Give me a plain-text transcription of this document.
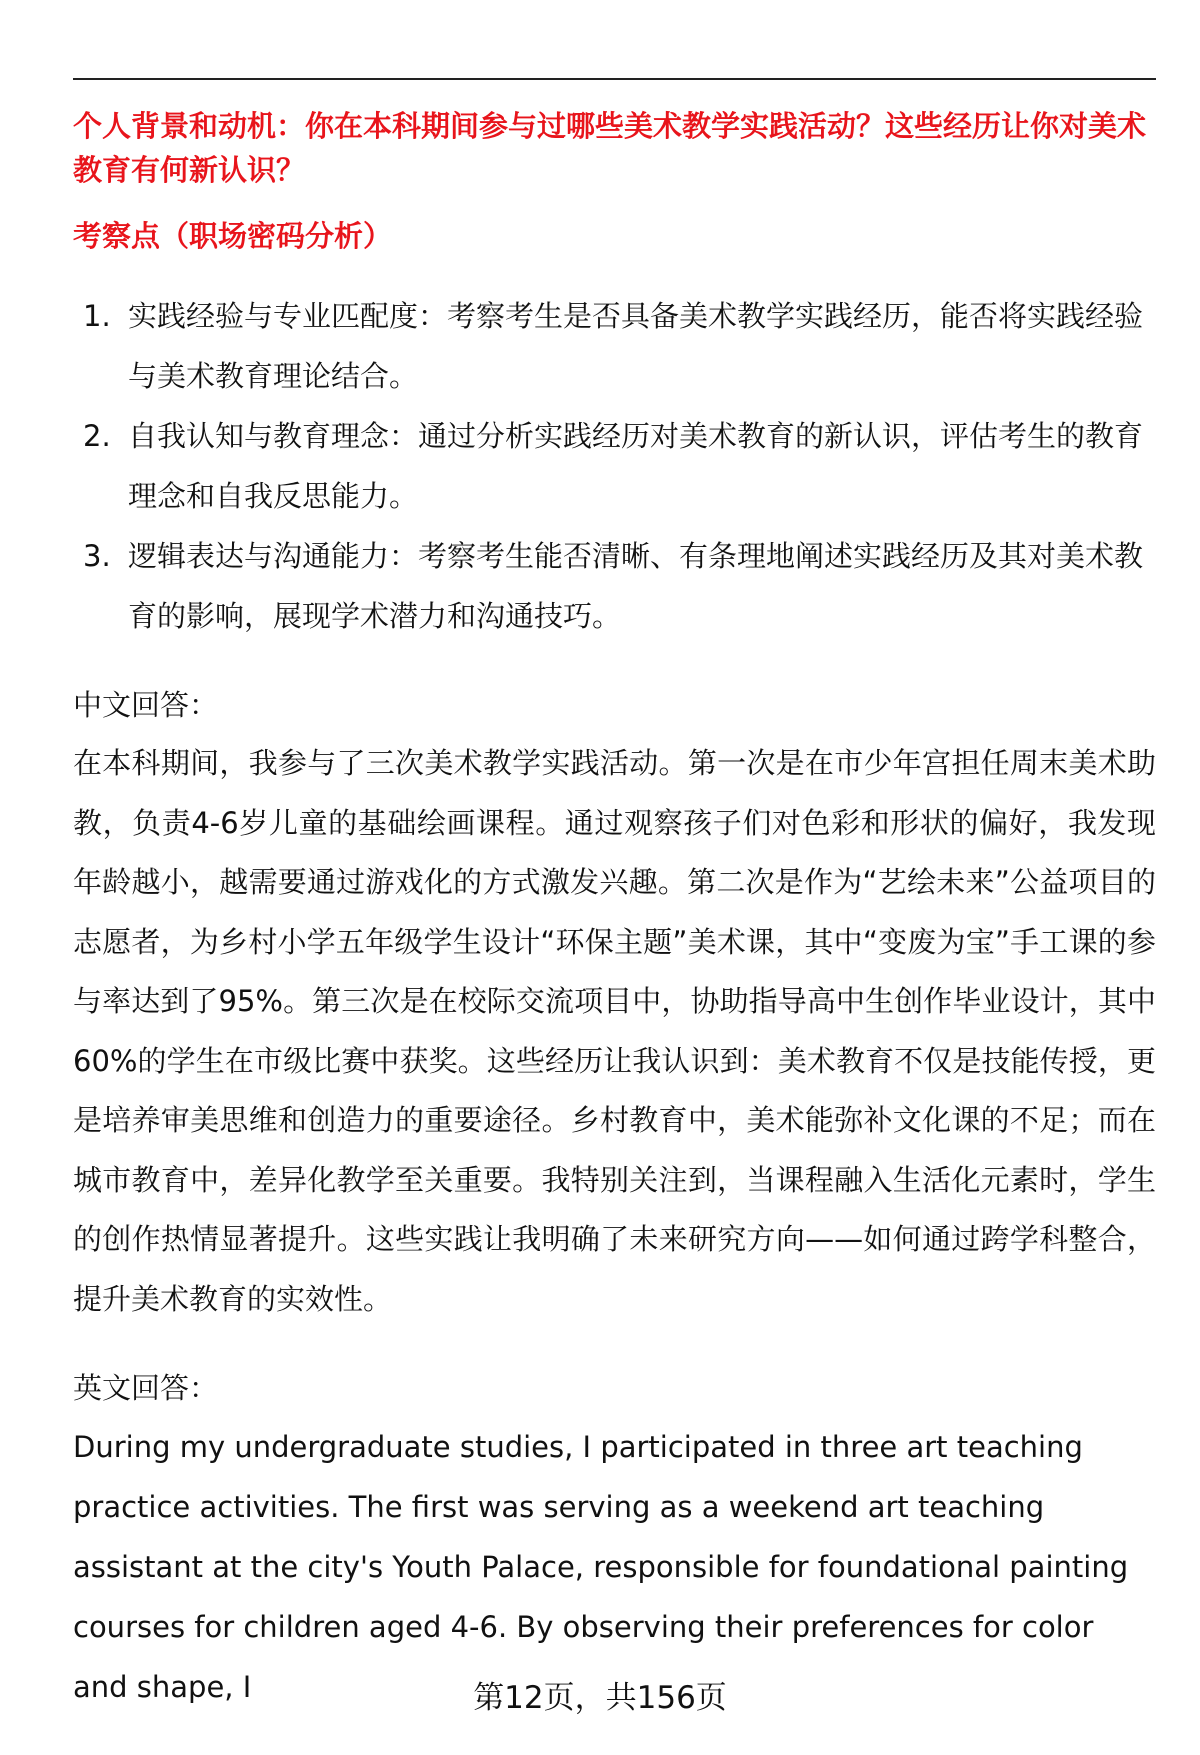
个人背景和动机：你在本科期间参与过哪些美术教学实践活动？这些经历让你对美术教育有何新认识？

考察点（职场密码分析）

1. 实践经验与专业匹配度：考察考生是否具备美术教学实践经历，能否将实践经验与美术教育理论结合。
2. 自我认知与教育理念：通过分析实践经历对美术教育的新认识，评估考生的教育理念和自我反思能力。
3. 逻辑表达与沟通能力：考察考生能否清晰、有条理地阐述实践经历及其对美术教育的影响，展现学术潜力和沟通技巧。

中文回答：

在本科期间，我参与了三次美术教学实践活动。第一次是在市少年宫担任周末美术助教，负责4-6岁儿童的基础绘画课程。通过观察孩子们对色彩和形状的偏好，我发现年龄越小，越需要通过游戏化的方式激发兴趣。第二次是作为“艺绘未来”公益项目的志愿者，为乡村小学五年级学生设计“环保主题”美术课，其中“变废为宝”手工课的参与率达到了95%。第三次是在校际交流项目中，协助指导高中生创作毕业设计，其中60%的学生在市级比赛中获奖。这些经历让我认识到：美术教育不仅是技能传授，更是培养审美思维和创造力的重要途径。乡村教育中，美术能弥补文化课的不足；而在城市教育中，差异化教学至关重要。我特别关注到，当课程融入生活化元素时，学生的创作热情显著提升。这些实践让我明确了未来研究方向——如何通过跨学科整合，提升美术教育的实效性。

英文回答：

During my undergraduate studies, I participated in three art teaching practice activities. The first was serving as a weekend art teaching assistant at the city's Youth Palace, responsible for foundational painting courses for children aged 4-6. By observing their preferences for color and shape, I	第12页，共156页
